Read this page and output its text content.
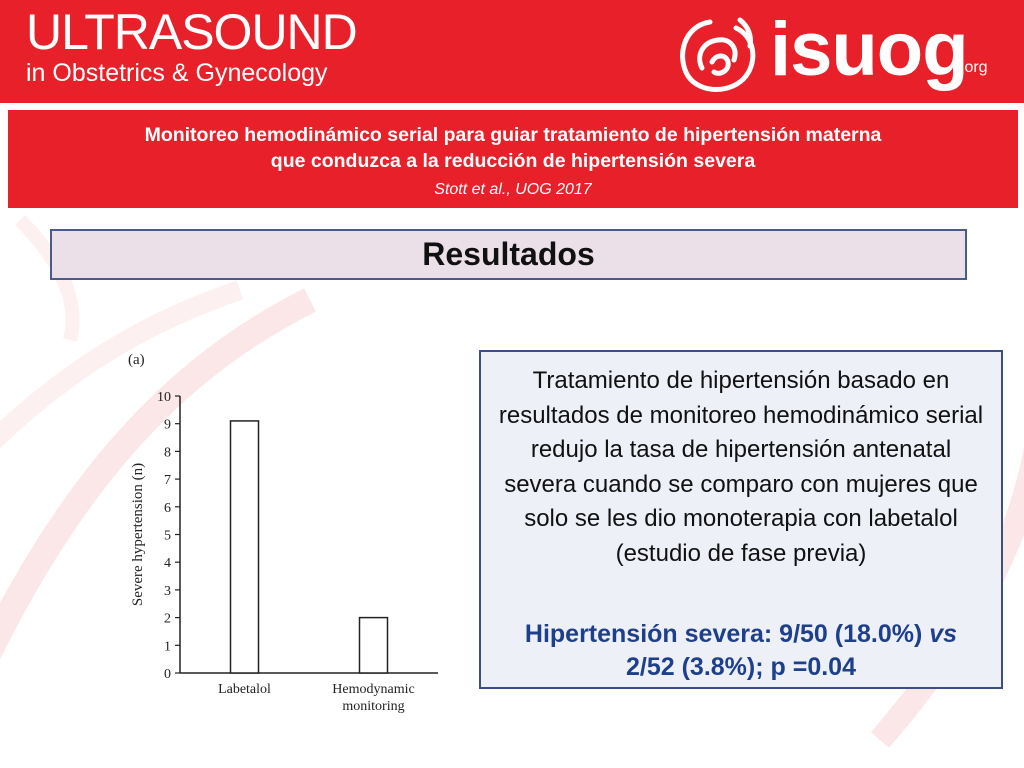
ULTRASOUND
in Obstetrics & Gynecology	isuog
.org
Monitoreo hemodinámico serial para guiar tratamiento de hipertensión materna
que conduzca a la reducción de hipertensión severa
Stott et al., UOG 2017
Resultados
(a)
Severe hypertension (n)
0
1
2
3
4
5
6
7
8
9
10
Labetalol	Hemodynamic
monitoring
Tratamiento de hipertensión basado en resultados de monitoreo hemodinámico serial redujo la tasa de hipertensión antenatal severa cuando se comparo con mujeres que solo se les dio monoterapia con labetalol (estudio de fase previa)
Hipertensión severa: 9/50 (18.0%) vs
2/52 (3.8%); p =0.04
